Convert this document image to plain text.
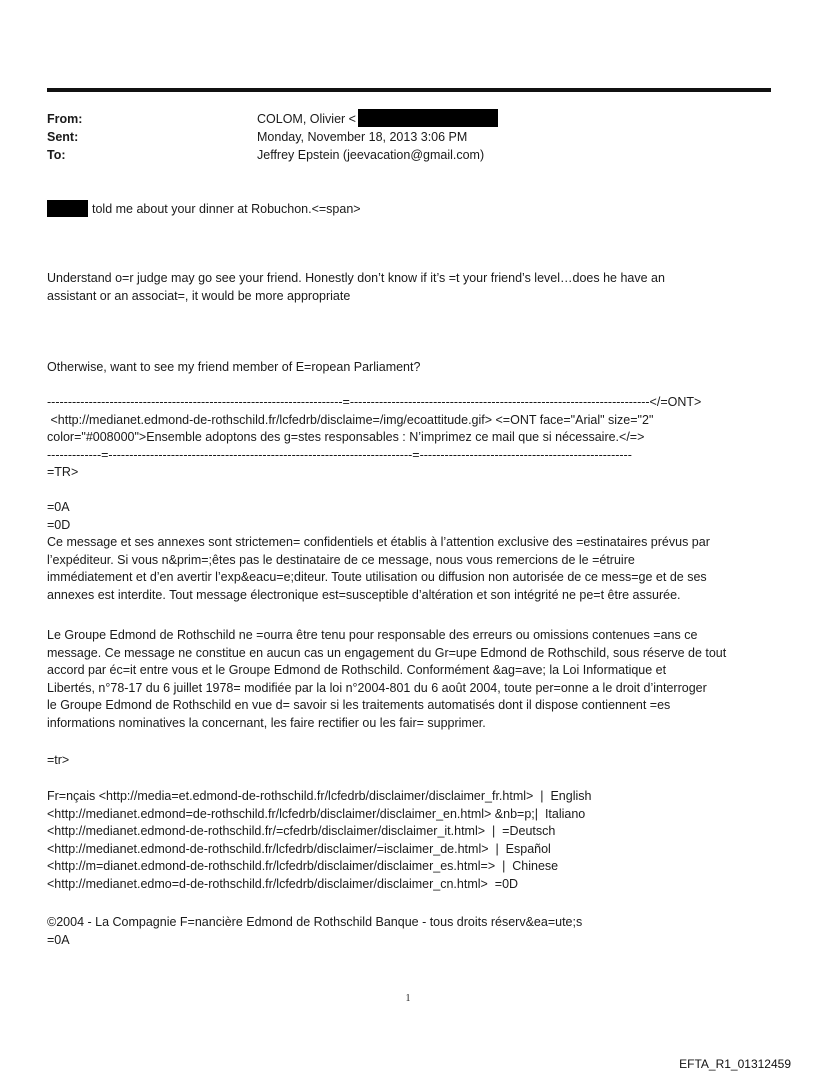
From:	COLOM, Olivier <
Sent:	Monday, November 18, 2013 3:06 PM
To:	Jeffrey Epstein (jeevacation@gmail.com)
told me about your dinner at Robuchon.<=span>
Understand o=r judge may go see your friend. Honestly don’t know if it’s =t your friend’s level…does he have an
assistant or an associat=, it would be more appropriate
Otherwise, want to see my friend member of E=ropean Parliament?
-----------------------------------------------------------------------=------------------------------------------------------------------------</=ONT>
<http://medianet.edmond-de-rothschild.fr/lcfedrb/disclaime=/img/ecoattitude.gif> <=ONT face="Arial" size="2"
color="#008000">Ensemble adoptons des g=stes responsables : N’imprimez ce mail que si nécessaire.</=>
-------------=-------------------------------------------------------------------------=---------------------------------------------------
=TR>
=0A
=0D
Ce message et ses annexes sont strictemen= confidentiels et établis à l’attention exclusive des =estinataires prévus par
l’expéditeur. Si vous n&prim=;êtes pas le destinataire de ce message, nous vous remercions de le =étruire
immédiatement et d’en avertir l’exp&eacu=e;diteur. Toute utilisation ou diffusion non autorisée de ce mess=ge et de ses
annexes est interdite. Tout message électronique est=susceptible d’altération et son intégrité ne pe=t être assurée.
Le Groupe Edmond de Rothschild ne =ourra être tenu pour responsable des erreurs ou omissions contenues =ans ce
message. Ce message ne constitue en aucun cas un engagement du Gr=upe Edmond de Rothschild, sous réserve de tout
accord par éc=it entre vous et le Groupe Edmond de Rothschild. Conformément &ag=ave; la Loi Informatique et
Libertés, n°78-17 du 6 juillet 1978= modifiée par la loi n°2004-801 du 6 août 2004, toute per=onne a le droit d’interroger
le Groupe Edmond de Rothschild en vue d= savoir si les traitements automatisés dont il dispose contiennent =es
informations nominatives la concernant, les faire rectifier ou les fair= supprimer.
=tr>
Fr=nçais <http://media=et.edmond-de-rothschild.fr/lcfedrb/disclaimer/disclaimer_fr.html>  |  English
<http://medianet.edmond=de-rothschild.fr/lcfedrb/disclaimer/disclaimer_en.html> &nb=p;|  Italiano
<http://medianet.edmond-de-rothschild.fr/=cfedrb/disclaimer/disclaimer_it.html>  |  =Deutsch
<http://medianet.edmond-de-rothschild.fr/lcfedrb/disclaimer/=isclaimer_de.html>  |  Español
<http://m=dianet.edmond-de-rothschild.fr/lcfedrb/disclaimer/disclaimer_es.html=>  |  Chinese
<http://medianet.edmo=d-de-rothschild.fr/lcfedrb/disclaimer/disclaimer_cn.html>  =0D
©2004 - La Compagnie F=nancière Edmond de Rothschild Banque - tous droits réserv&ea=ute;s
=0A
1
EFTA_R1_01312459
